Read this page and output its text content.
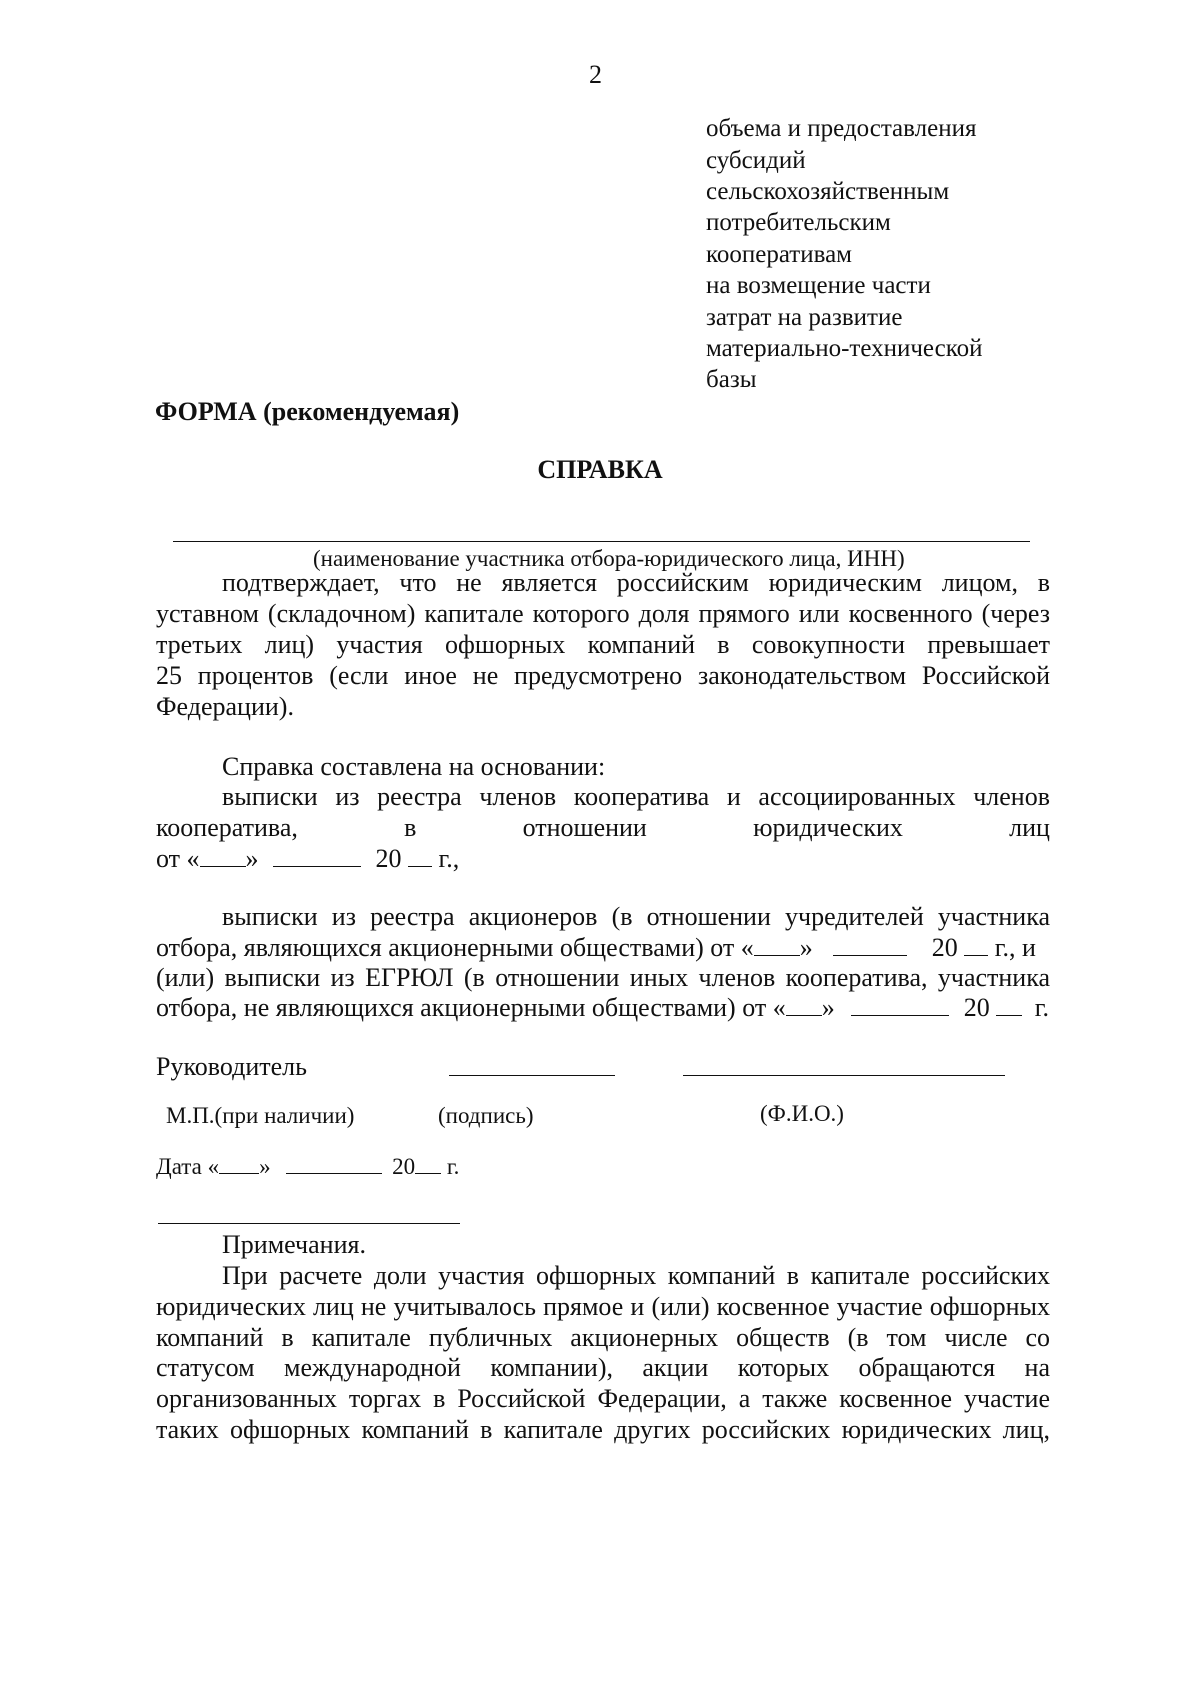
2
объема и предоставления
субсидий
сельскохозяйственным
потребительским
кооперативам
на возмещение части
затрат на развитие
материально-технической
базы
ФОРМА (рекомендуемая)
СПРАВКА
(наименование участника отбора-юридического лица, ИНН)
подтверждает, что не является российским юридическим лицом, в
уставном (складочном) капитале которого доля прямого или косвенного (через
третьих лиц) участия офшорных компаний в совокупности превышает
25 процентов (если иное не предусмотрено законодательством Российской
Федерации).
Справка составлена на основании:
выписки из реестра членов кооператива и ассоциированных членов
кооператива,	в	отношении	юридических	лиц
от « »	20 г.,
выписки из реестра акционеров (в отношении учредителей участника
отбора, являющихся акционерными обществами) от « »	20 г., и
(или) выписки из ЕГРЮЛ (в отношении иных членов кооператива, участника
отбора, не являющихся акционерными обществами) от « »	20 г.
Руководитель
М.П.(при наличии)	(подпись)	(Ф.И.О.)
Дата « »	20 г.
Примечания.
При расчете доли участия офшорных компаний в капитале российских
юридических лиц не учитывалось прямое и (или) косвенное участие офшорных
компаний в капитале публичных акционерных обществ (в том числе со
статусом международной компании), акции которых обращаются на
организованных торгах в Российской Федерации, а также косвенное участие
таких офшорных компаний в капитале других российских юридических лиц,
